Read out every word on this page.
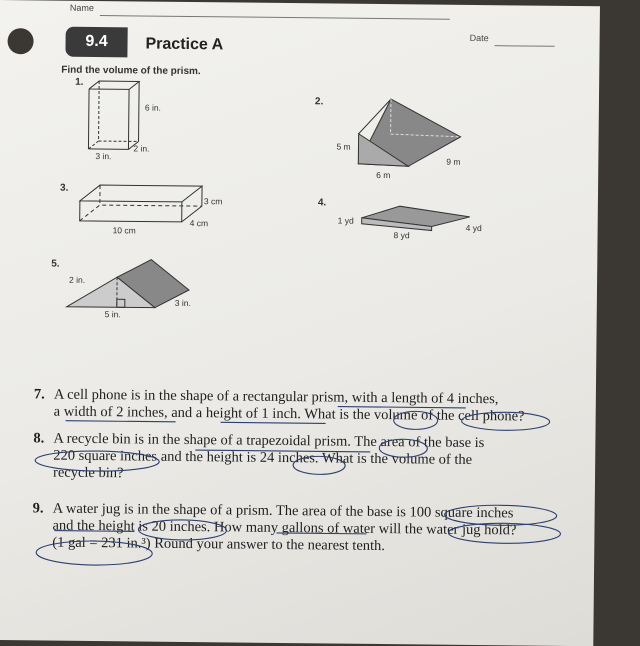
Name
Date
9.4	Practice A
Find the volume of the prism.
1.
6 in.
2 in.
3 in.
2.
5 m
9 m
6 m
3.
3 cm
4 cm
10 cm
4.
1 yd
4 yd
8 yd
5.
2 in.
3 in.
5 in.
7. A cell phone is in the shape of a rectangular prism, with a length of 4 inches,
a width of 2 inches, and a height of 1 inch. What is the volume of the cell phone?
8. A recycle bin is in the shape of a trapezoidal prism. The area of the base is
220 square inches and the height is 24 inches. What is the volume of the
recycle bin?
9. A water jug is in the shape of a prism. The area of the base is 100 square inches
and the height is 20 inches. How many gallons of water will the water jug hold?
(1 gal = 231 in.³) Round your answer to the nearest tenth.
